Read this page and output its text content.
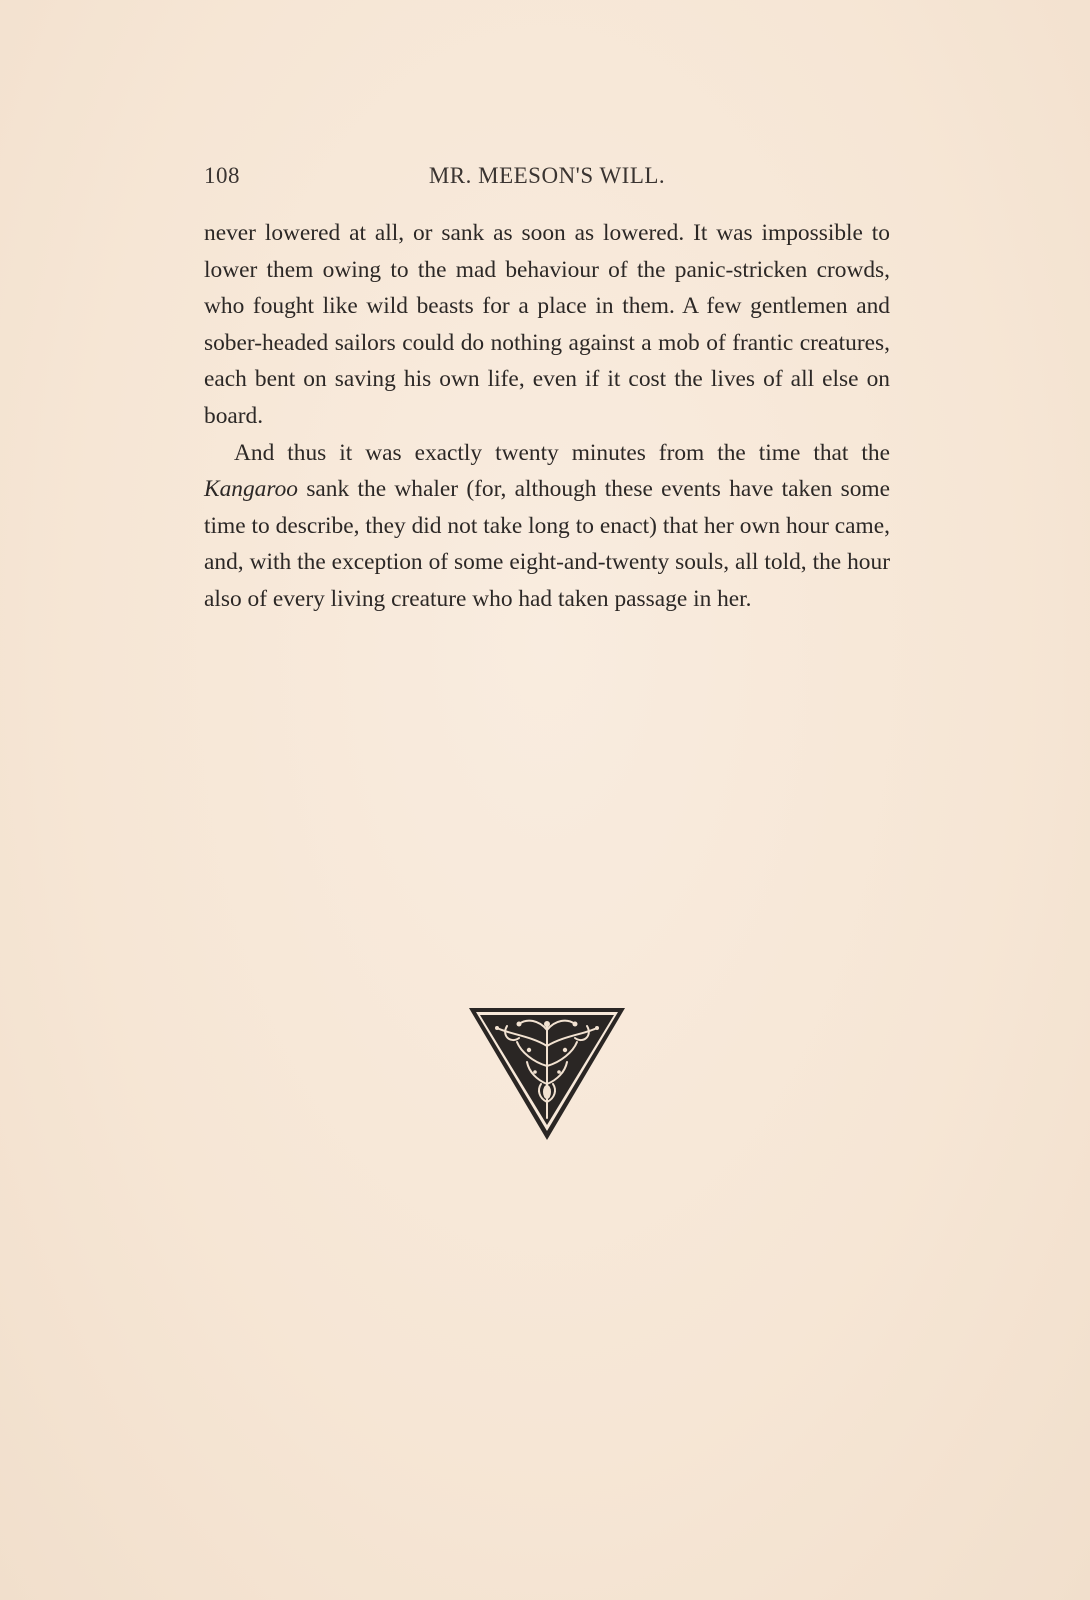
108	MR. MEESON'S WILL.

never lowered at all, or sank as soon as lowered. It was impossible to lower them owing to the mad behaviour of the panic-stricken crowds, who fought like wild beasts for a place in them. A few gentlemen and sober-headed sailors could do nothing against a mob of frantic creatures, each bent on saving his own life, even if it cost the lives of all else on board.

And thus it was exactly twenty minutes from the time that the Kangaroo sank the whaler (for, although these events have taken some time to describe, they did not take long to enact) that her own hour came, and, with the exception of some eight-and-twenty souls, all told, the hour also of every living creature who had taken passage in her.
